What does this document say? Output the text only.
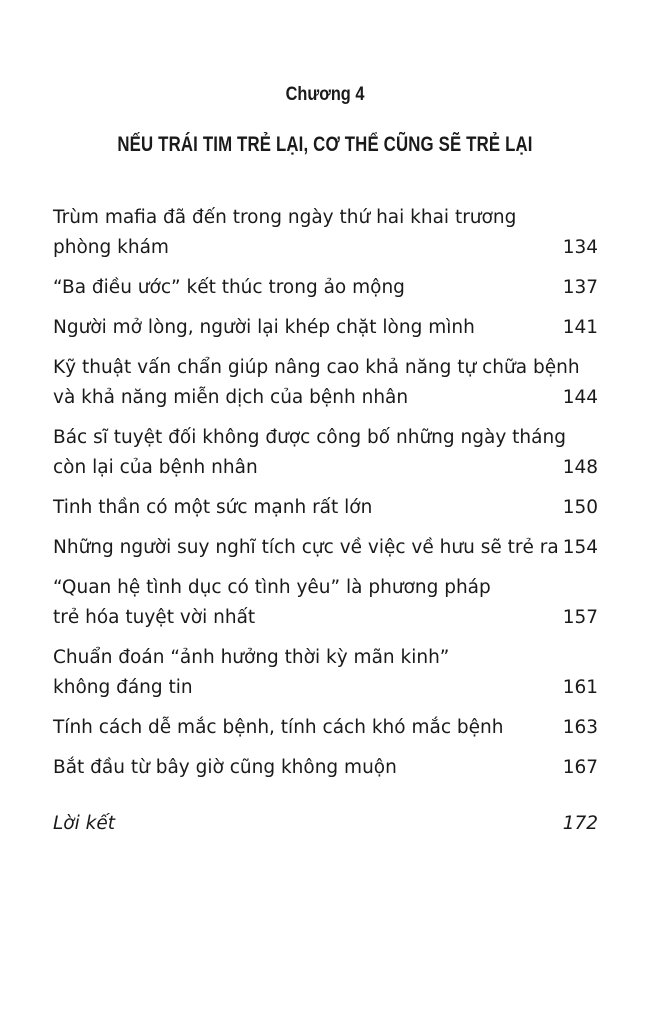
Chương 4
NẾU TRÁI TIM TRẺ LẠI, CƠ THỂ CŨNG SẼ TRẺ LẠI
Trùm mafia đã đến trong ngày thứ hai khai trương
phòng khám	134
“Ba điều ước” kết thúc trong ảo mộng	137
Người mở lòng, người lại khép chặt lòng mình	141
Kỹ thuật vấn chẩn giúp nâng cao khả năng tự chữa bệnh
và khả năng miễn dịch của bệnh nhân	144
Bác sĩ tuyệt đối không được công bố những ngày tháng
còn lại của bệnh nhân	148
Tinh thần có một sức mạnh rất lớn	150
Những người suy nghĩ tích cực về việc về hưu sẽ trẻ ra 154
“Quan hệ tình dục có tình yêu” là phương pháp
trẻ hóa tuyệt vời nhất	157
Chuẩn đoán “ảnh hưởng thời kỳ mãn kinh”
không đáng tin	161
Tính cách dễ mắc bệnh, tính cách khó mắc bệnh	163
Bắt đầu từ bây giờ cũng không muộn	167
Lời kết	172
